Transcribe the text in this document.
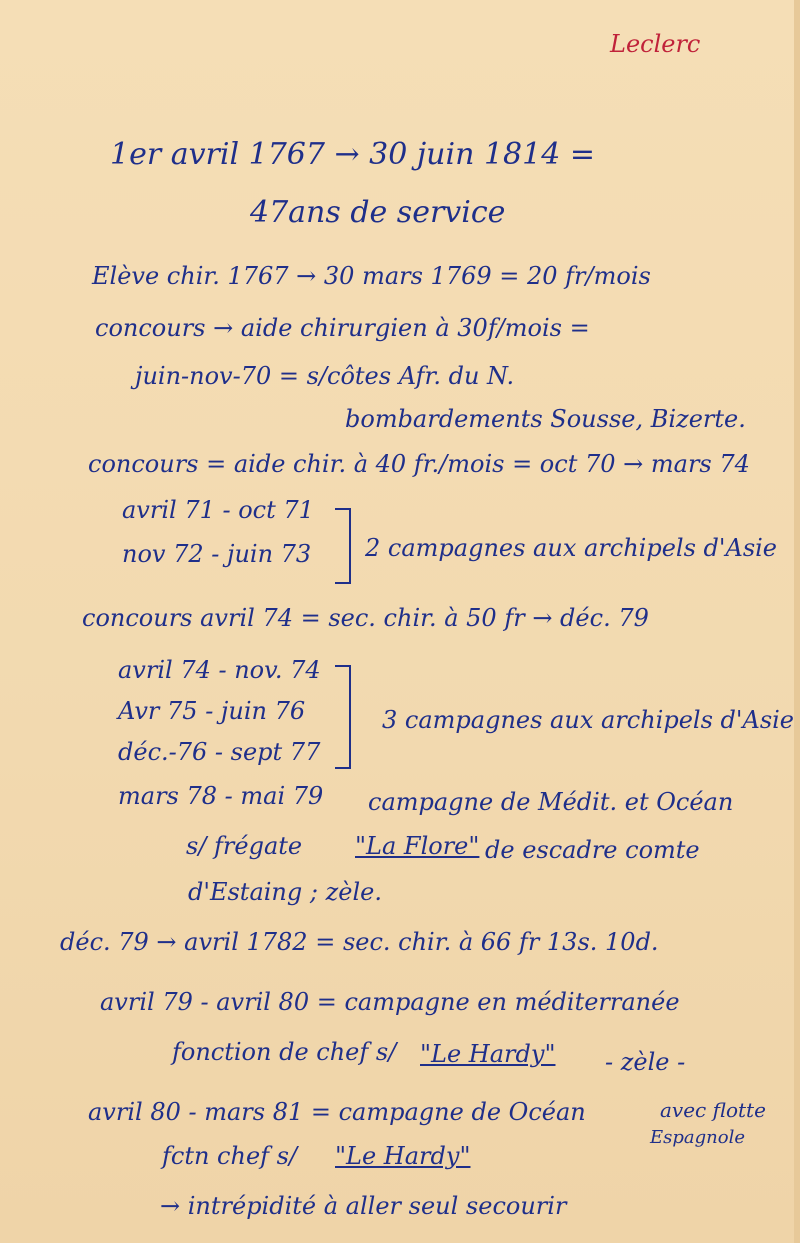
Leclerc
1er avril 1767 → 30 juin 1814 =
47ans de service
Elève chir. 1767 → 30 mars 1769 = 20 fr/mois
concours → aide chirurgien à 30f/mois =
juin-nov-70 = s/côtes Afr. du N.
bombardements Sousse, Bizerte.
concours = aide chir. à 40 fr./mois = oct 70 → mars 74
avril 71 - oct 71
nov 72 - juin 73 2 campagnes aux archipels d'Asie
concours avril 74 = sec. chir. à 50 fr → déc. 79
avril 74 - nov. 74
Avr 75 - juin 76
déc.-76 - sept 77
3 campagnes aux archipels d'Asie
mars 78 - mai 79 campagne de Médit. et Océan
s/ frégate "La Flore" de escadre comte
d'Estaing ; zèle.
déc. 79 → avril 1782 = sec. chir. à 66 fr 13s. 10d.
avril 79 - avril 80 = campagne en méditerranée
fonction de chef s/ "Le Hardy" - zèle -
avril 80 - mars 81 = campagne de Océan	avec flotte
Espagnole
fctn chef s/ "Le Hardy"
→ intrépidité à aller seul secourir
